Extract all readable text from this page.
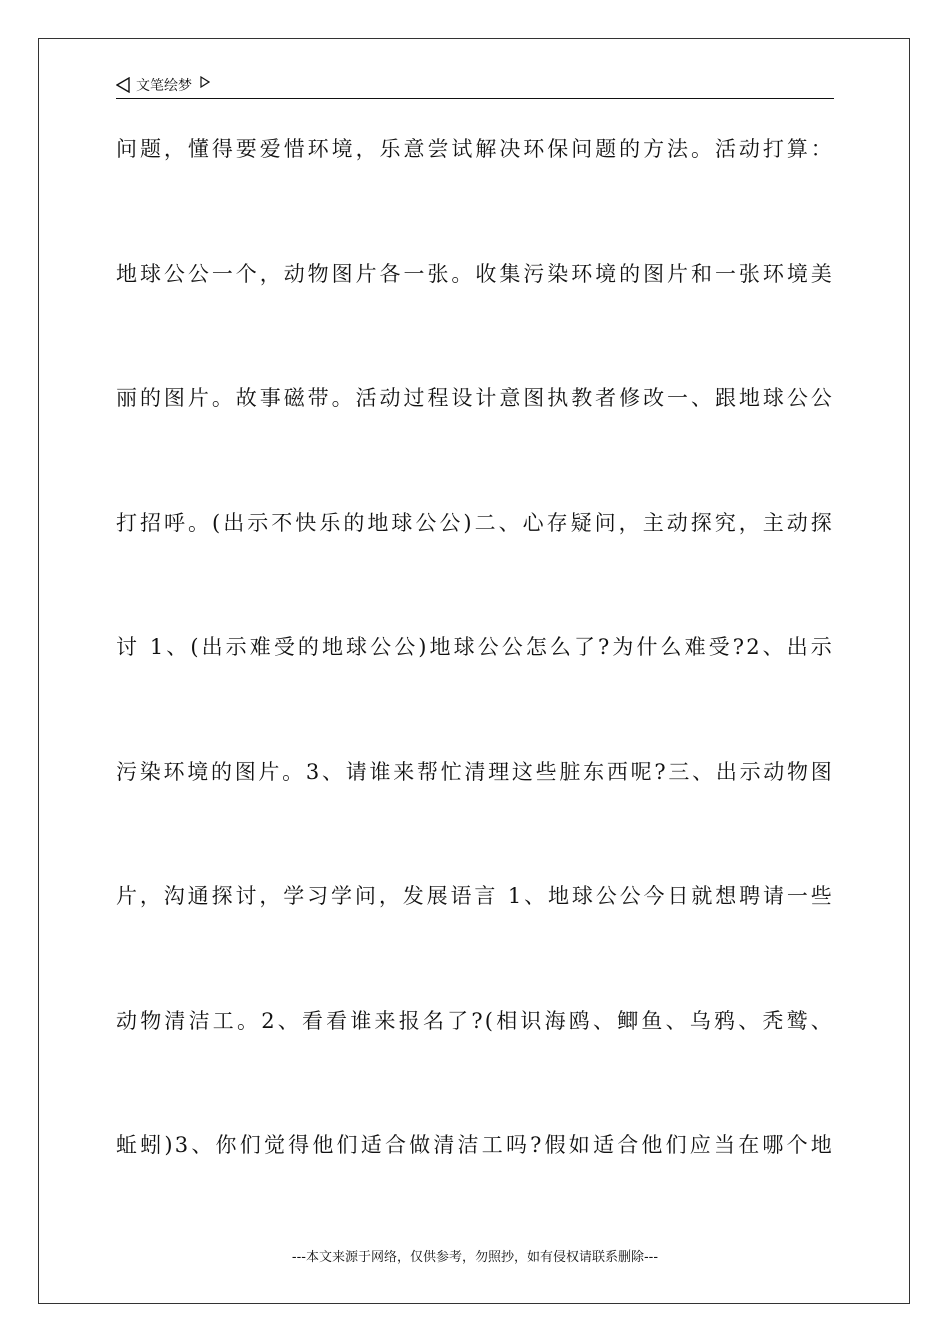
文笔绘梦
问题，懂得要爱惜环境，乐意尝试解决环保问题的方法。活动打算：
地球公公一个，动物图片各一张。收集污染环境的图片和一张环境美
丽的图片。故事磁带。活动过程设计意图执教者修改一、跟地球公公
打招呼。(出示不快乐的地球公公)二、心存疑问，主动探究，主动探
讨 1、(出示难受的地球公公)地球公公怎么了?为什么难受?2、出示
污染环境的图片。3、请谁来帮忙清理这些脏东西呢?三、出示动物图
片，沟通探讨，学习学问，发展语言 1、地球公公今日就想聘请一些
动物清洁工。2、看看谁来报名了?(相识海鸥、鲫鱼、乌鸦、秃鹫、
蚯蚓)3、你们觉得他们适合做清洁工吗?假如适合他们应当在哪个地
---本文来源于网络，仅供参考，勿照抄，如有侵权请联系删除---
